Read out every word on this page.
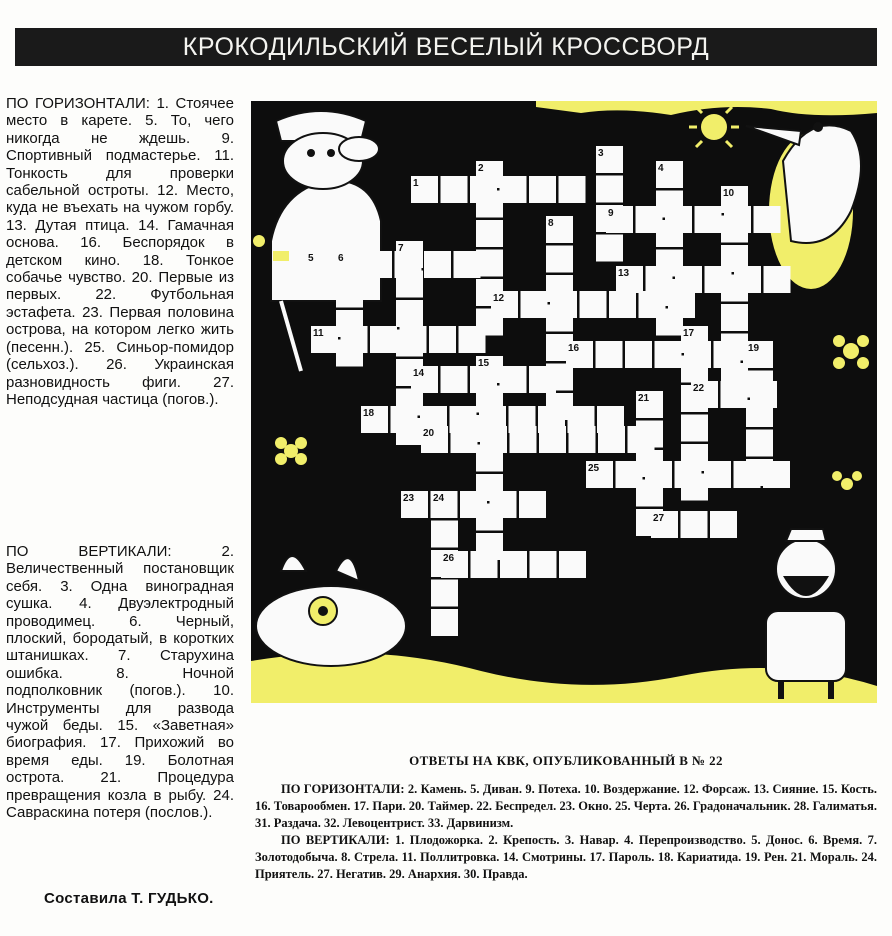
КРОКОДИЛЬСКИЙ ВЕСЕЛЫЙ КРОССВОРД

ПО ГОРИЗОНТАЛИ: 1. Стоячее место в карете. 5. То, чего никогда не ждешь. 9. Спортивный подмастерье. 11. Тонкость для проверки сабельной остроты. 12. Место, куда не въехать на чужом горбу. 13. Дутая птица. 14. Гамачная основа. 16. Беспорядок в детском кино. 18. Тонкое собачье чувство. 20. Первые из первых. 22. Футбольная эстафета. 23. Первая половина острова, на котором легко жить (песенн.). 25. Синьор-помидор (сельхоз.). 26. Украинская разновидность фиги. 27. Неподсудная частица (погов.).

ПО ВЕРТИКАЛИ:	2. Величественный постановщик себя. 3. Одна виноградная сушка. 4. Двуэлектродный проводимец. 6. Черный, плоский, бородатый, в коротких штанишках. 7. Старухина ошибка. 8. Ночной подполковник (погов.). 10. Инструменты для развода чужой беды. 15. «Заветная» биография. 17. Прихожий во время еды. 19. Болотная острота. 21. Процедура превращения козла в рыбу. 24. Савраскина потеря (послов.).

Составила Т. ГУДЬКО.
1
2
3
4
5 6
7
8
9
10
11
12
13
14
15
16
17
18
19
20
21
22
23 24
25
26
27
ОТВЕТЫ НА КВК, ОПУБЛИКОВАННЫЙ В № 22

ПО ГОРИЗОНТАЛИ: 2. Камень. 5. Диван. 9. Потеха. 10. Воздержание. 12. Форсаж. 13. Сияние. 15. Кость. 16. Товарообмен. 17. Пари. 20. Таймер. 22. Беспредел. 23. Окно. 25. Черта. 26. Градоначальник. 28. Галиматья. 31. Раздача. 32. Левоцентрист. 33. Дарвинизм.

ПО ВЕРТИКАЛИ: 1. Плодожорка. 2. Крепость. 3. Навар. 4. Перепроизводство. 5. Донос. 6. Время. 7. Золотодобыча. 8. Стрела. 11. Поллитровка. 14. Смотрины. 17. Пароль. 18. Кариатида. 19. Рен. 21. Мораль. 24. Приятель. 27. Негатив. 29. Анархия. 30. Правда.
